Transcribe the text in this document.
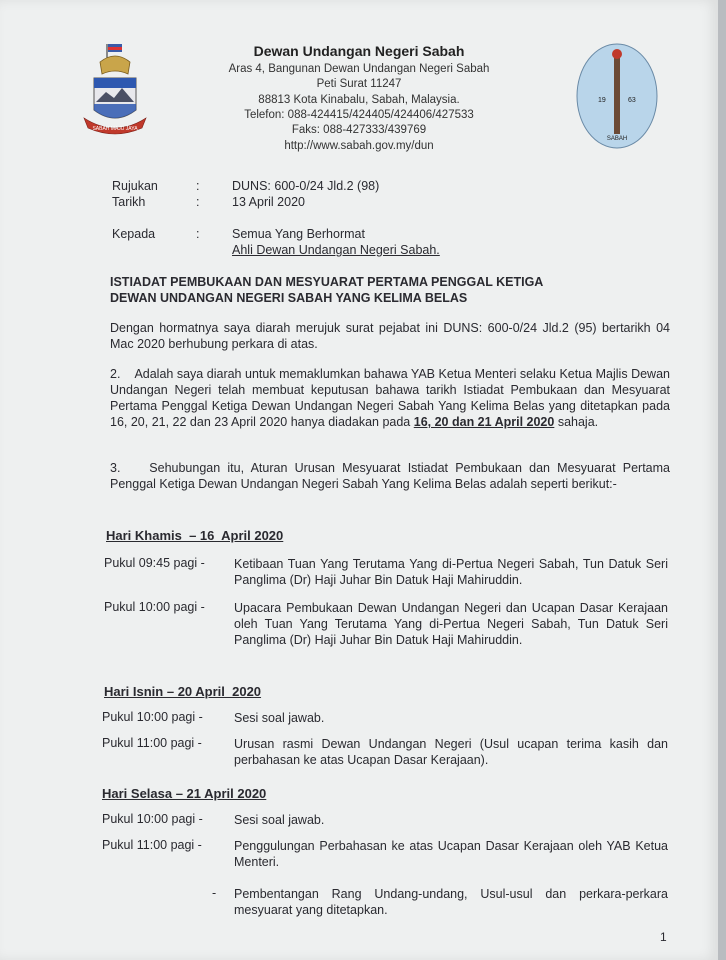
SABAH MAJU JAYA
19	63
SABAH
Dewan Undangan Negeri Sabah
Aras 4, Bangunan Dewan Undangan Negeri Sabah
Peti Surat 11247
88813 Kota Kinabalu, Sabah, Malaysia.
Telefon: 088-424415/424405/424406/427533
Faks: 088-427333/439769
http://www.sabah.gov.my/dun
Rujukan	:	DUNS: 600-0/24 Jld.2 (98)
Tarikh	:	13 April 2020
Kepada	:	Semua Yang Berhormat
Ahli Dewan Undangan Negeri Sabah.
ISTIADAT PEMBUKAAN DAN MESYUARAT PERTAMA PENGGAL KETIGA
DEWAN UNDANGAN NEGERI SABAH YANG KELIMA BELAS
Dengan hormatnya saya diarah merujuk surat pejabat ini DUNS: 600-0/24 Jld.2 (95) bertarikh 04 Mac 2020 berhubung perkara di atas.
2. Adalah saya diarah untuk memaklumkan bahawa YAB Ketua Menteri selaku Ketua Majlis Dewan Undangan Negeri telah membuat keputusan bahawa tarikh Istiadat Pembukaan dan Mesyuarat Pertama Penggal Ketiga Dewan Undangan Negeri Sabah Yang Kelima Belas yang ditetapkan pada 16, 20, 21, 22 dan 23 April 2020 hanya diadakan pada 16, 20 dan 21 April 2020 sahaja.
3. Sehubungan itu, Aturan Urusan Mesyuarat Istiadat Pembukaan dan Mesyuarat Pertama Penggal Ketiga Dewan Undangan Negeri Sabah Yang Kelima Belas adalah seperti berikut:-
Hari Khamis  – 16  April 2020
Pukul 09:45 pagi - Ketibaan Tuan Yang Terutama Yang di-Pertua Negeri Sabah, Tun Datuk Seri Panglima (Dr) Haji Juhar Bin Datuk Haji Mahiruddin.
Pukul 10:00 pagi - Upacara Pembukaan Dewan Undangan Negeri dan Ucapan Dasar Kerajaan oleh Tuan Yang Terutama Yang di-Pertua Negeri Sabah, Tun Datuk Seri Panglima (Dr) Haji Juhar Bin Datuk Haji Mahiruddin.
Hari Isnin – 20 April  2020
Pukul 10:00 pagi - Sesi soal jawab.
Pukul 11:00 pagi -	Urusan rasmi Dewan Undangan Negeri (Usul ucapan terima kasih dan perbahasan ke atas Ucapan Dasar Kerajaan).
Hari Selasa – 21 April 2020
Pukul 10:00 pagi - Sesi soal jawab.
Pukul 11:00 pagi -	Penggulungan Perbahasan ke atas Ucapan Dasar Kerajaan oleh YAB Ketua Menteri.
- Pembentangan Rang Undang-undang, Usul-usul dan perkara-perkara mesyuarat yang ditetapkan.
1
